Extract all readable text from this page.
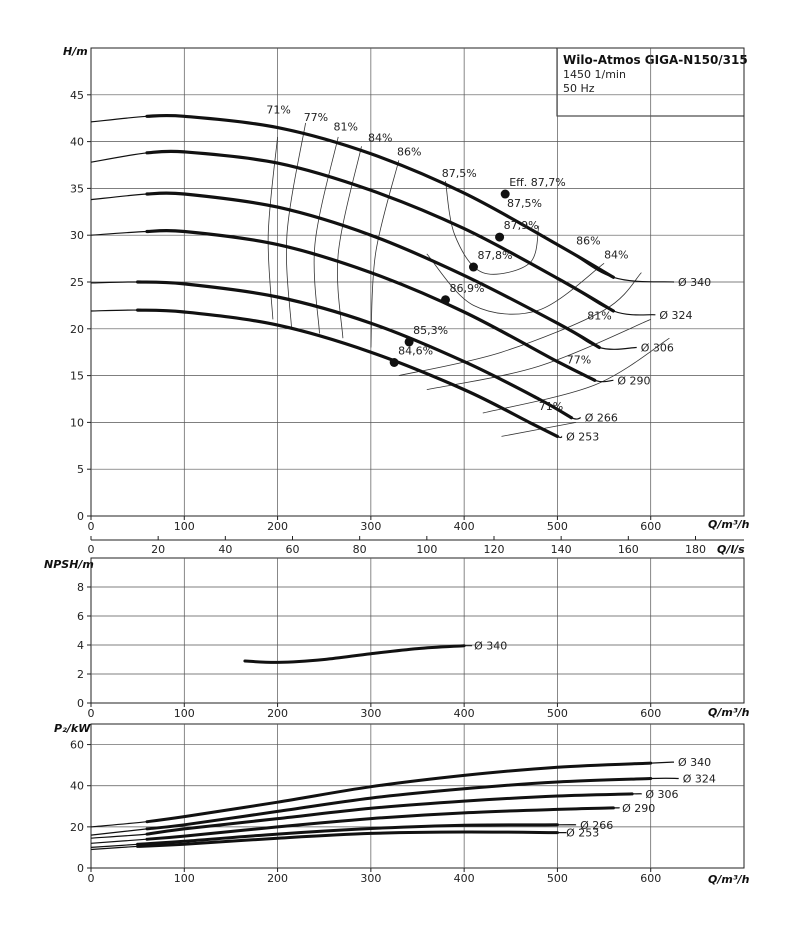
Wilo-Atmos GIGA-N150/315
1450 1/min
50 Hz
H/m
Q/m³/h
Q/l/s
NPSH/m
Q/m³/h
P₂/kW
Q/m³/h
0	100	200	300	400	500	600
0
5
10
15
20
25
30
35
40
45
0	20	40	60	80	100	120	140	160	180
Ø 340
Ø 324
Ø 306
Ø 290
Ø 266
Ø 253
Eff. 87,7%
87,9%
87,8%
86,9%
85,3%
84,6%
71%
77%
81%
84%
86%
87,5%
87,5%
86%
84%
81%
77%
71%
0	100	200	300	400	500	600
0
2
4
6
8
Ø 340
0	100	200	300	400	500	600
0
20
40
60
Ø 340
Ø 324
Ø 306
Ø 290
Ø 266
Ø 253
